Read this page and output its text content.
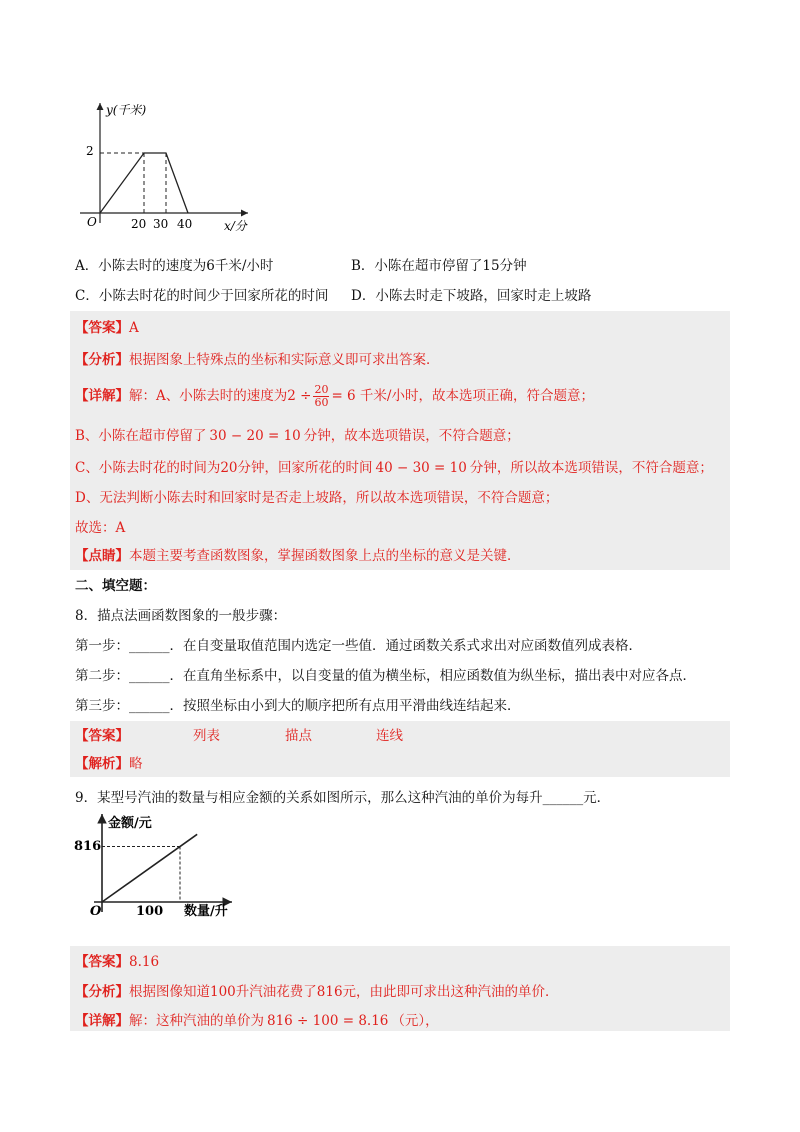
y(千米)
x/分
O
2
20 30 40
A．小陈去时的速度为6千米/小时	B．小陈在超市停留了15分钟
C．小陈去时花的时间少于回家所花的时间 D．小陈去时走下坡路，回家时走上坡路
【答案】A
【分析】根据图象上特殊点的坐标和实际意义即可求出答案．
【详解】解：A、小陈去时的速度为$2 \div \frac{20}{60} = 6$ 千米/小时，故本选项正确，符合题意；
B、小陈在超市停留了 30 − 20 = 10 分钟，故本选项错误，不符合题意；
C、小陈去时花的时间为20分钟，回家所花的时间 40 − 30 = 10 分钟，所以故本选项错误，不符合题意；
D、无法判断小陈去时和回家时是否走上坡路，所以故本选项错误，不符合题意；
故选：A
【点睛】本题主要考查函数图象，掌握函数图象上点的坐标的意义是关键．
二、填空题：
8．描点法画函数图象的一般步骤：
第一步：______．在自变量取值范围内选定一些值．通过函数关系式求出对应函数值列成表格．
第二步：______．在直角坐标系中，以自变量的值为横坐标，相应函数值为纵坐标，描出表中对应各点．
第三步：______．按照坐标由小到大的顺序把所有点用平滑曲线连结起来．
【答案】	列表	描点	连线
【解析】略
9．某型号汽油的数量与相应金额的关系如图所示，那么这种汽油的单价为每升______元．
金额/元
数量/升
O
816
100
【答案】8.16
【分析】根据图像知道100升汽油花费了816元，由此即可求出这种汽油的单价．
【详解】解：这种汽油的单价为 816 ÷ 100 = 8.16 （元），
